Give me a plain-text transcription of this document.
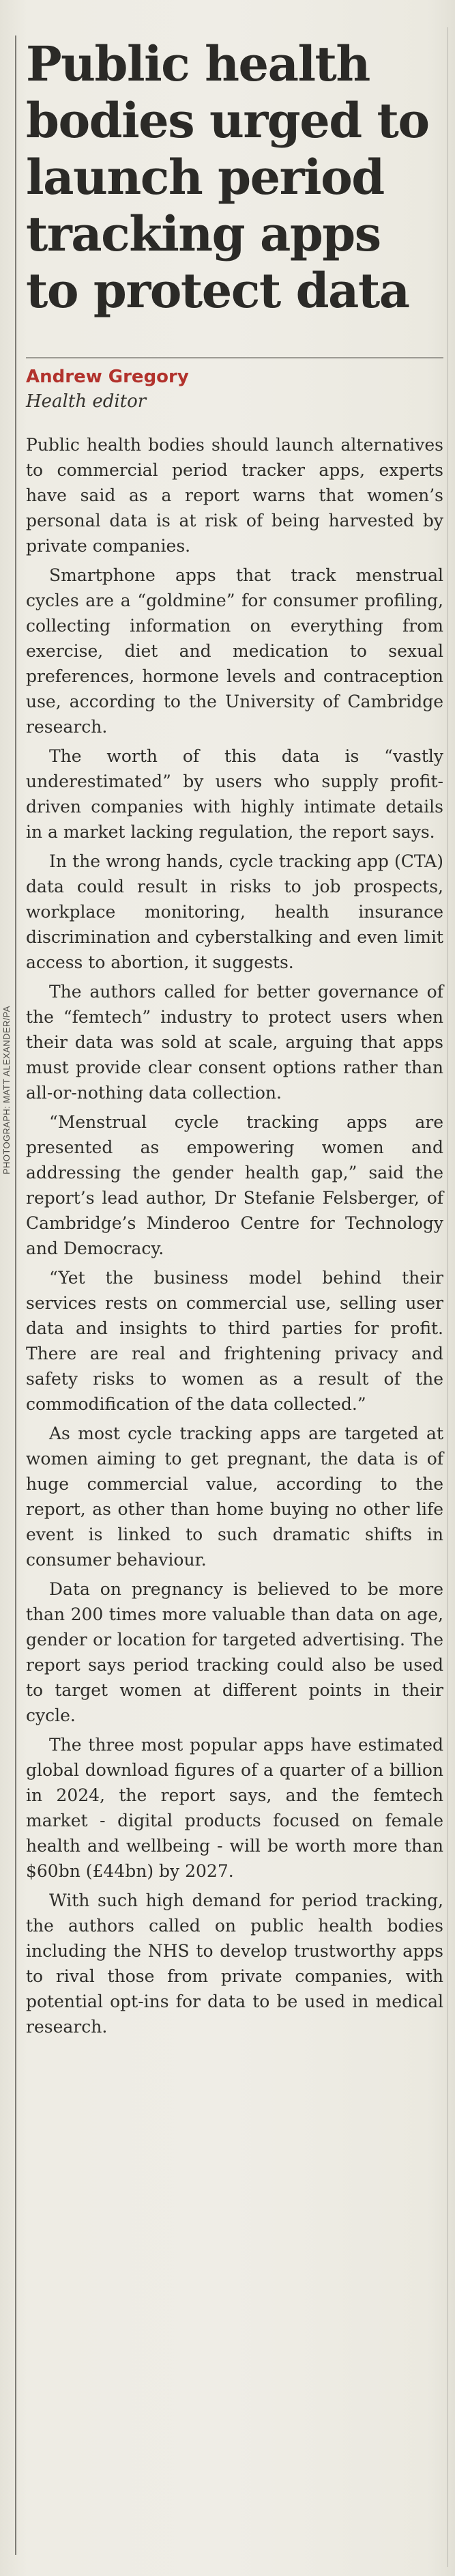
PHOTOGRAPH: MATT ALEXANDER/PA
Public health
bodies urged to
launch period
tracking apps
to protect data
Andrew Gregory
Health editor

Public health bodies should launch alternatives to commercial period tracker apps, experts have said as a report warns that women’s personal data is at risk of being harvested by private companies.

Smartphone apps that track menstrual cycles are a “goldmine” for consumer profiling, collecting information on everything from exercise, diet and medication to sexual preferences, hormone levels and contraception use, according to the University of Cambridge research.

The worth of this data is “vastly underestimated” by users who supply profit-driven companies with highly intimate details in a market lacking regulation, the report says.

In the wrong hands, cycle tracking app (CTA) data could result in risks to job prospects, workplace monitoring, health insurance discrimination and cyberstalking and even limit access to abortion, it suggests.

The authors called for better governance of the “femtech” industry to protect users when their data was sold at scale, arguing that apps must provide clear consent options rather than all-or-nothing data collection.

“Menstrual cycle tracking apps are presented as empowering women and addressing the gender health gap,” said the report’s lead author, Dr Stefanie Felsberger, of Cambridge’s Minderoo Centre for Technology and Democracy.

“Yet the business model behind their services rests on commercial use, selling user data and insights to third parties for profit. There are real and frightening privacy and safety risks to women as a result of the commodification of the data collected.”

As most cycle tracking apps are targeted at women aiming to get pregnant, the data is of huge commercial value, according to the report, as other than home buying no other life event is linked to such dramatic shifts in consumer behaviour.

Data on pregnancy is believed to be more than 200 times more valuable than data on age, gender or location for targeted advertising. The report says period tracking could also be used to target women at different points in their cycle.

The three most popular apps have estimated global download figures of a quarter of a billion in 2024, the report says, and the femtech market - digital products focused on female health and wellbeing - will be worth more than $60bn (£44bn) by 2027.

With such high demand for period tracking, the authors called on public health bodies including the NHS to develop trustworthy apps to rival those from private companies, with potential opt-ins for data to be used in medical research.
